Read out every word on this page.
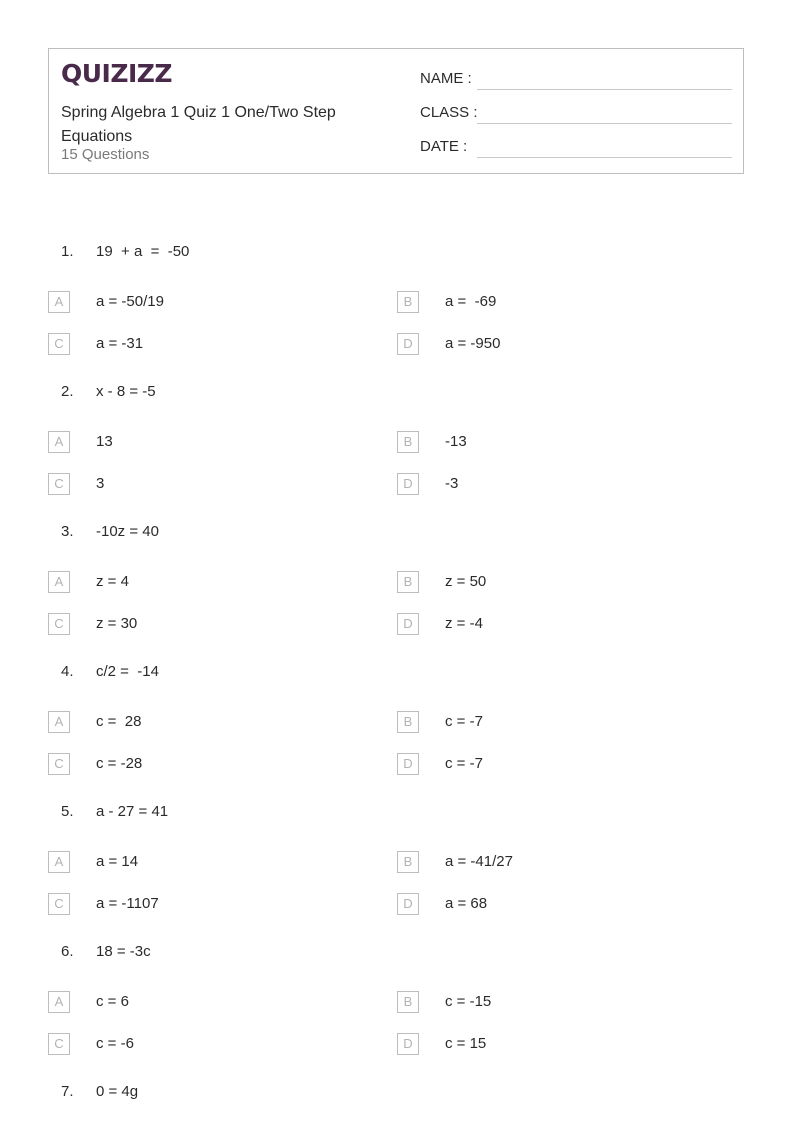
QUIZIZZ
Spring Algebra 1 Quiz 1 One/Two Step Equations
15 Questions
NAME :
CLASS :
DATE :
1. 19  + a  =  -50
A	a = -50/19	B	a =  -69
C	a = -31	D	a = -950
2. x - 8 = -5
A	13	B	-13
C	3	D	-3
3. -10z = 40
A	z = 4	B	z = 50
C	z = 30	D	z = -4
4. c/2 =  -14
A	c =  28	B	c = -7
C	c = -28	D	c = -7
5. a - 27 = 41
A	a = 14	B	a = -41/27
C	a = -1107	D	a = 68
6. 18 = -3c
A	c = 6	B	c = -15
C	c = -6	D	c = 15
7. 0 = 4g
